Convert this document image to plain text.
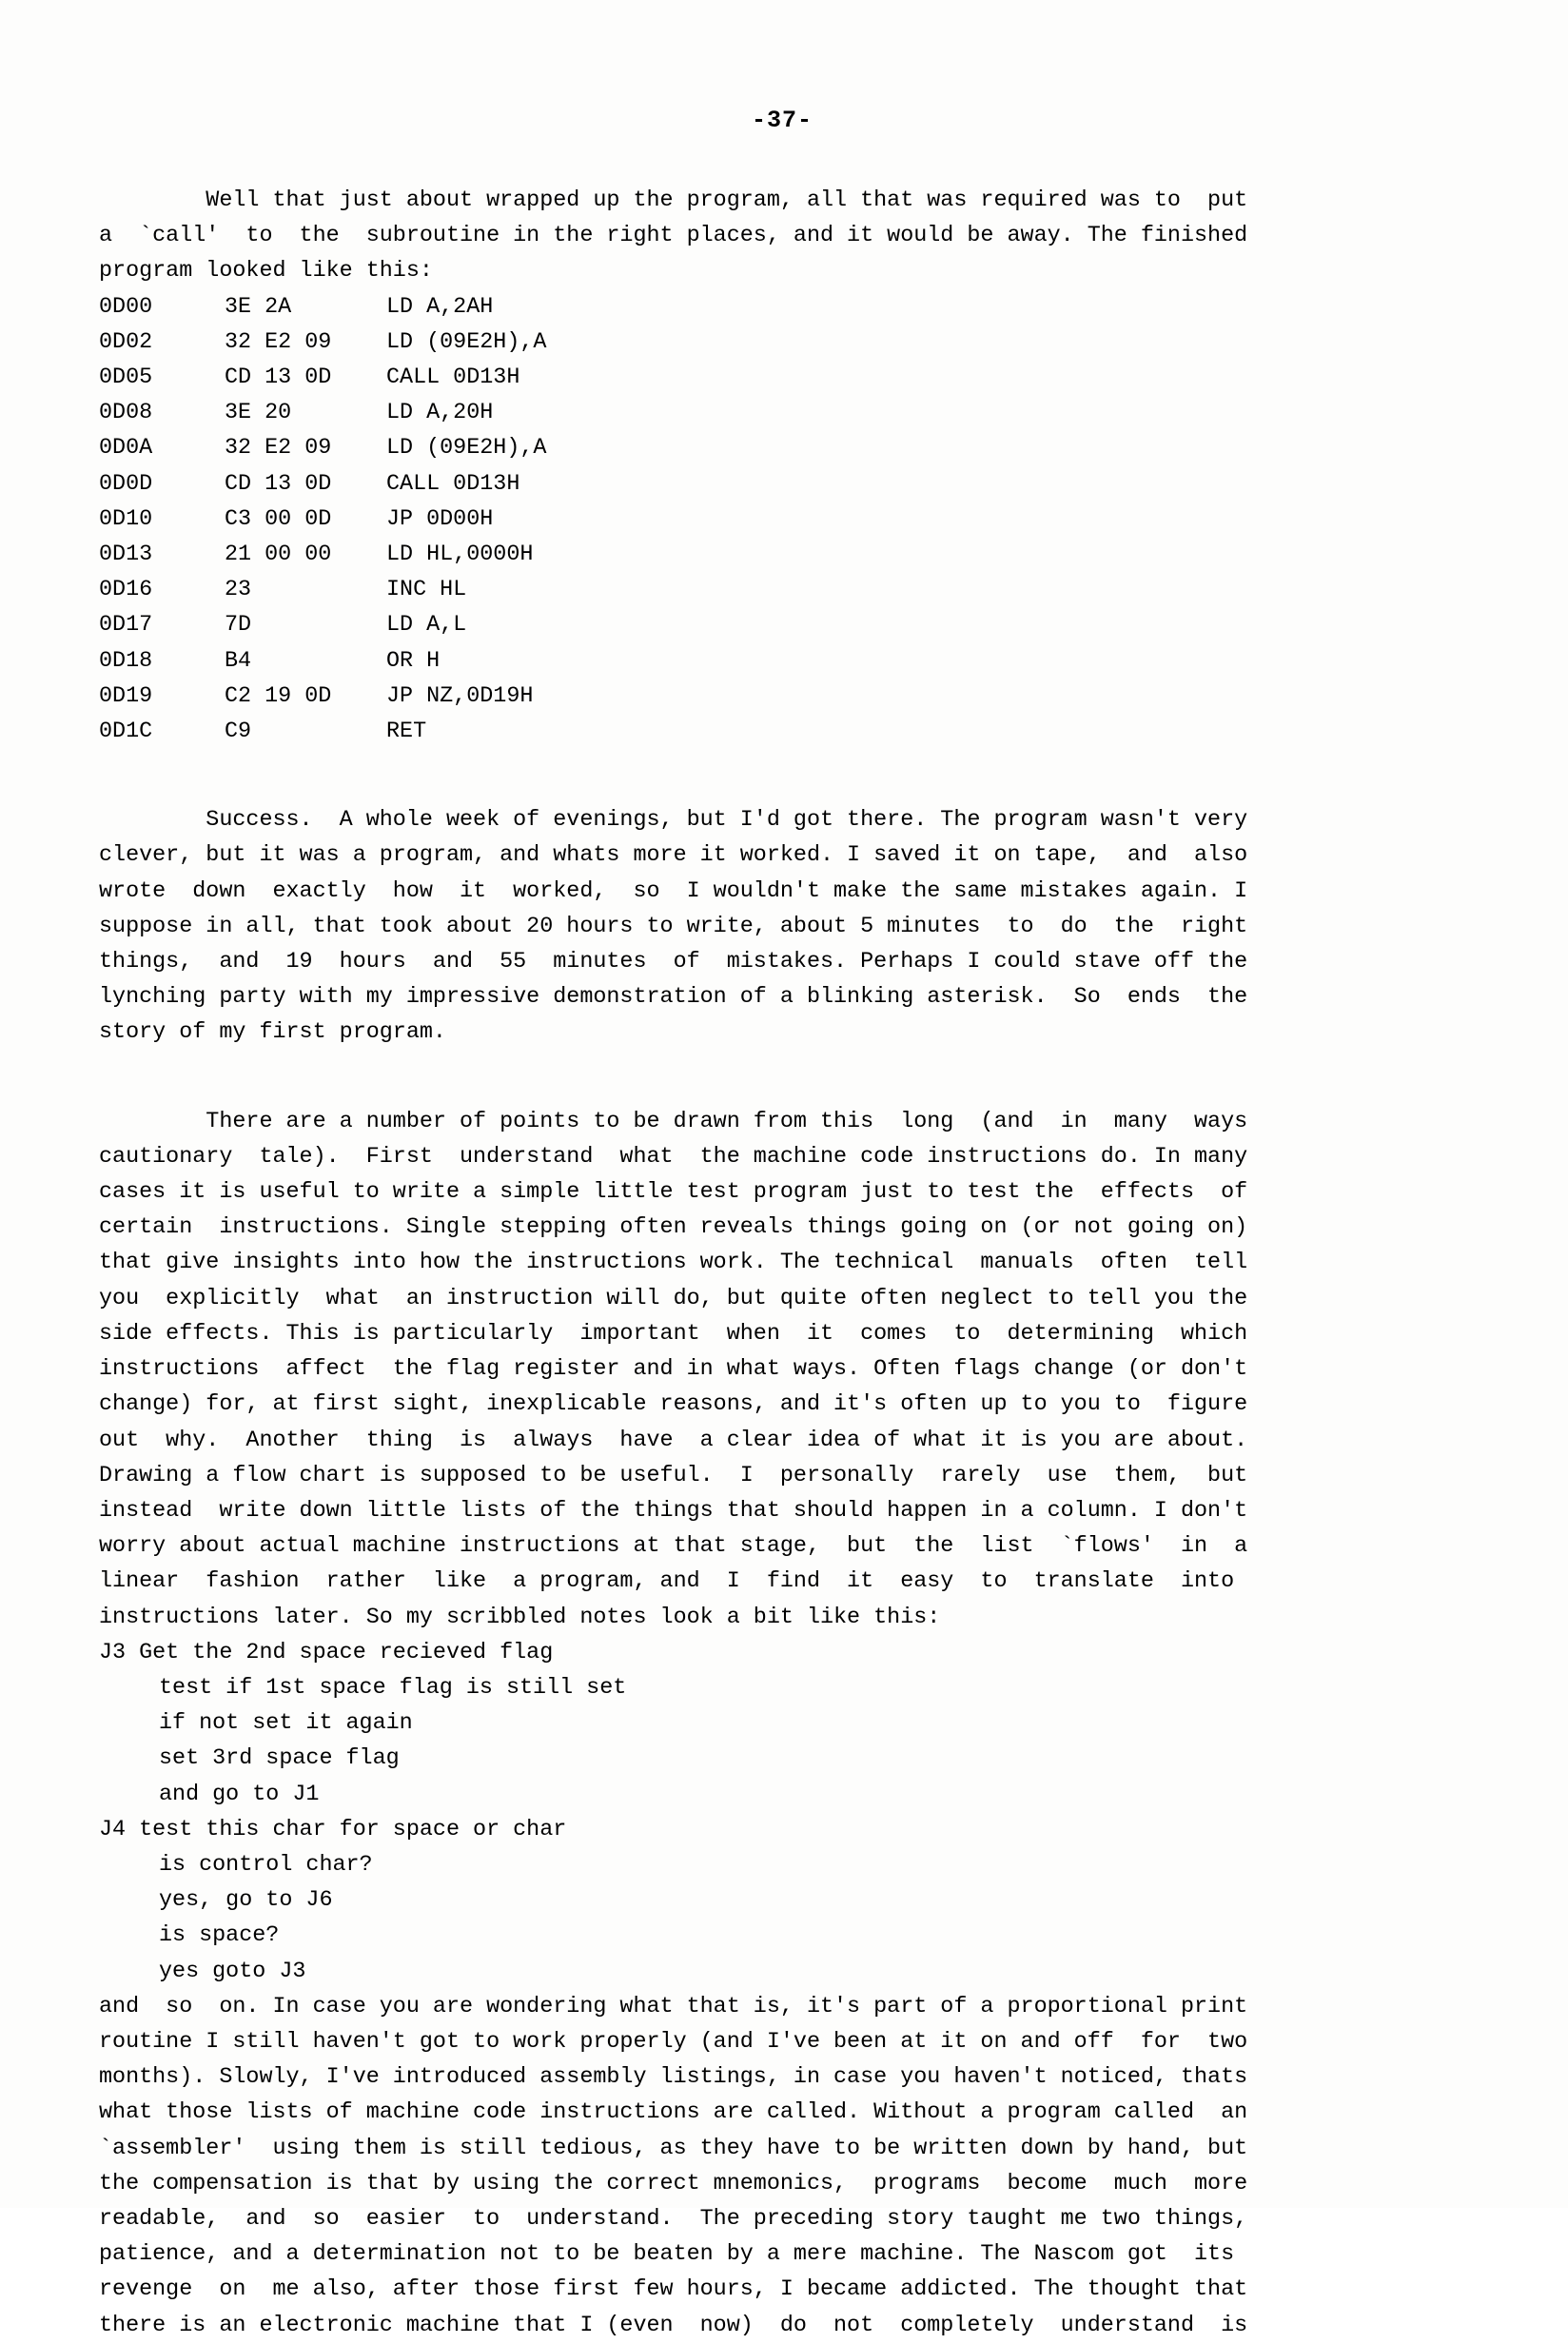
-37-
Well that just about wrapped up the program, all that was required was to  put
a  `call'  to  the  subroutine in the right places, and it would be away. The finished
program looked like this:
0D00	3E 2A	LD A,2AH
0D02	32 E2 09 LD (09E2H),A
0D05	CD 13 0D CALL 0D13H
0D08	3E 20	LD A,20H
0D0A	32 E2 09 LD (09E2H),A
0D0D	CD 13 0D CALL 0D13H
0D10	C3 00 0D JP 0D00H
0D13	21 00 00 LD HL,0000H
0D16	23	INC HL
0D17	7D	LD A,L
0D18	B4	OR H
0D19	C2 19 0D JP NZ,0D19H
0D1C	C9	RET
Success.  A whole week of evenings, but I'd got there. The program wasn't very
clever, but it was a program, and whats more it worked. I saved it on tape,  and  also
wrote  down  exactly  how  it  worked,  so  I wouldn't make the same mistakes again. I
suppose in all, that took about 20 hours to write, about 5 minutes  to  do  the  right
things,  and  19  hours  and  55  minutes  of  mistakes. Perhaps I could stave off the
lynching party with my impressive demonstration of a blinking asterisk.  So  ends  the
story of my first program.
There are a number of points to be drawn from this  long  (and  in  many  ways
cautionary  tale).  First  understand  what  the machine code instructions do. In many
cases it is useful to write a simple little test program just to test the  effects  of
certain  instructions. Single stepping often reveals things going on (or not going on)
that give insights into how the instructions work. The technical  manuals  often  tell
you  explicitly  what  an instruction will do, but quite often neglect to tell you the
side effects. This is particularly  important  when  it  comes  to  determining  which
instructions  affect  the flag register and in what ways. Often flags change (or don't
change) for, at first sight, inexplicable reasons, and it's often up to you to  figure
out  why.  Another  thing  is  always  have  a clear idea of what it is you are about.
Drawing a flow chart is supposed to be useful.  I  personally  rarely  use  them,  but
instead  write down little lists of the things that should happen in a column. I don't
worry about actual machine instructions at that stage,  but  the  list  `flows'  in  a
linear  fashion  rather  like  a program, and  I  find  it  easy  to  translate  into
instructions later. So my scribbled notes look a bit like this:
J3 Get the 2nd space recieved flag
test if 1st space flag is still set
if not set it again
set 3rd space flag
and go to J1
J4 test this char for space or char
is control char?
yes, go to J6
is space?
yes goto J3
and  so  on. In case you are wondering what that is, it's part of a proportional print
routine I still haven't got to work properly (and I've been at it on and off  for  two
months). Slowly, I've introduced assembly listings, in case you haven't noticed, thats
what those lists of machine code instructions are called. Without a program called  an
`assembler'  using them is still tedious, as they have to be written down by hand, but
the compensation is that by using the correct mnemonics,  programs  become  much  more
readable,  and  so  easier  to  understand.  The preceding story taught me two things,
patience, and a determination not to be beaten by a mere machine. The Nascom got  its
revenge  on  me also, after those first few hours, I became addicted. The thought that
there is an electronic machine that I (even  now)  do  not  completely  understand  is
